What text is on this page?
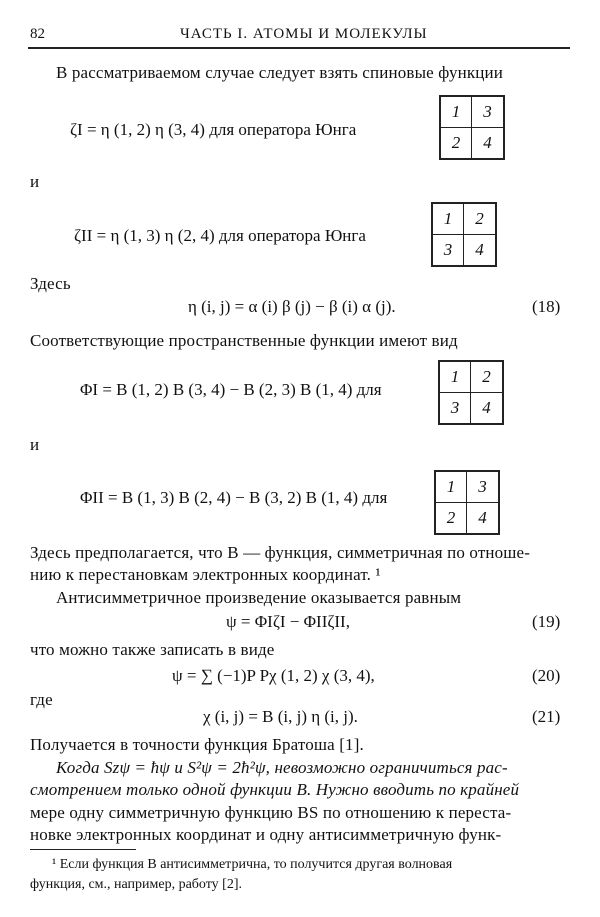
82	ЧАСТЬ I. АТОМЫ И МОЛЕКУЛЫ
В рассматриваемом случае следует взять спиновые функции
ζI = η (1, 2) η (3, 4) для оператора Юнга
1	3
2	4
и
ζII = η (1, 3) η (2, 4) для оператора Юнга
1	2
3	4
Здесь
η (i, j) = α (i) β (j) − β (i) α (j).	(18)
Соответствующие пространственные функции имеют вид
ΦI = B (1, 2) B (3, 4) − B (2, 3) B (1, 4) для
1	2
3	4
и
ΦII = B (1, 3) B (2, 4) − B (3, 2) B (1, 4) для
1	3
2	4
Здесь предполагается, что B — функция, симметричная по отноше-
нию к перестановкам электронных координат. ¹
Антисимметричное произведение оказывается равным
ψ = ΦIζI − ΦIIζII,	(19)
что можно также записать в виде
ψ = ∑ (−1)P Pχ (1, 2) χ (3, 4),	(20)
где
χ (i, j) = B (i, j) η (i, j).	(21)
Получается в точности функция Братоша [1].
Когда Szψ = ħψ и S²ψ = 2ħ²ψ, невозможно ограничиться рас-
смотрением только одной функции B. Нужно вводить по крайней
мере одну симметричную функцию BS по отношению к переста-
новке электронных координат и одну антисимметричную функ-
¹ Если функция B антисимметрична, то получится другая волновая
функция, см., например, работу [2].
